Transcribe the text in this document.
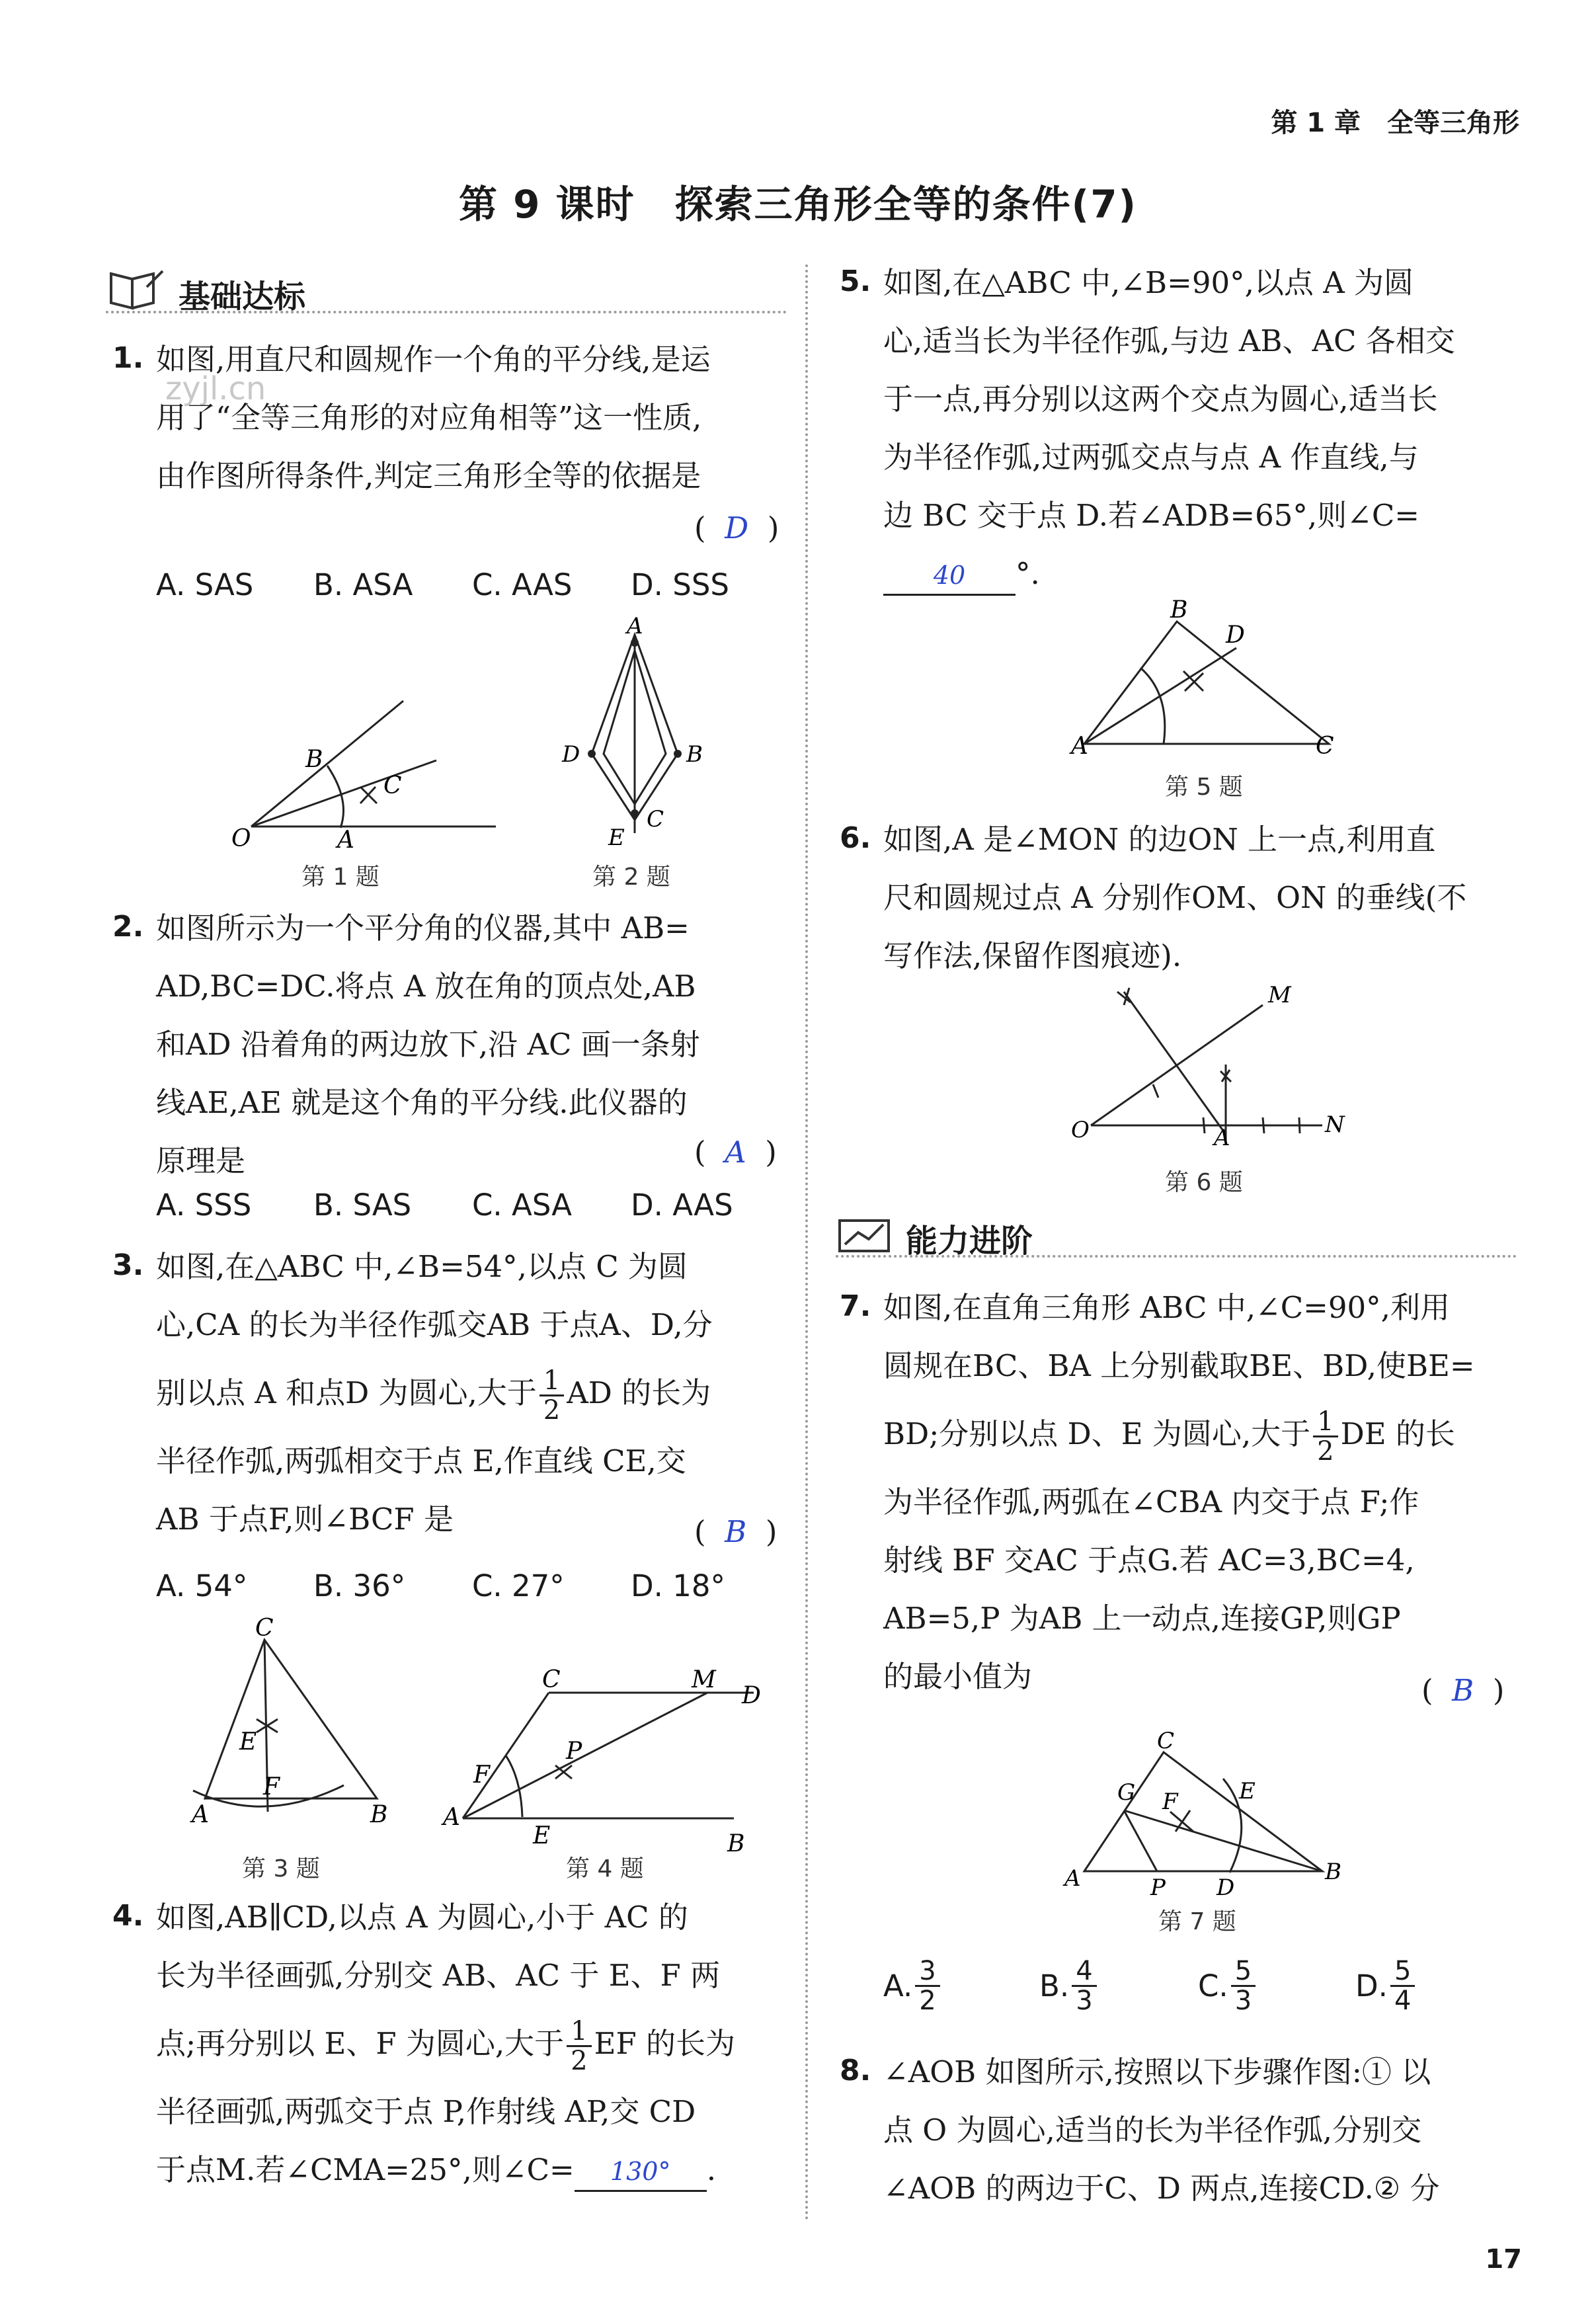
第 1 章　全等三角形
第 9 课时　探索三角形全等的条件(7)
zyjl.cn
基础达标
1. 如图,用直尺和圆规作一个角的平分线,是运
用了“全等三角形的对应角相等”这一性质,
由作图所得条件,判定三角形全等的依据是
(  D  )
A. SAS B. ASA C. AAS D. SSS
O	A
B
C
第 1 题
A
D	B
E
C
第 2 题
2. 如图所示为一个平分角的仪器,其中 AB=
AD,BC=DC.将点 A 放在角的顶点处,AB
和AD 沿着角的两边放下,沿 AC 画一条射
线AE,AE 就是这个角的平分线.此仪器的
原理是	(  A  )
A. SSS B. SAS C. ASA D. AAS
3. 如图,在△ABC 中,∠B=54°,以点 C 为圆
心,CA 的长为半径作弧交AB 于点A、D,分
别以点 A 和点D 为圆心,大于 $\frac{1}{2}$ AD 的长为
半径作弧,两弧相交于点 E,作直线 CE,交
AB 于点F,则∠BCF 是	(  B  )
A. 54° B. 36° C. 27° D. 18°
C
E
F
A	B
第 3 题
C	M
D
P
F
A
E	B
第 4 题
4. 如图,AB∥CD,以点 A 为圆心,小于 AC 的
长为半径画弧,分别交 AB、AC 于 E、F 两
点;再分别以 E、F 为圆心,大于 $\frac{1}{2}$ EF 的长为
半径画弧,两弧交于点 P,作射线 AP,交 CD
于点M.若∠CMA=25°,则∠C= 130° .
5. 如图,在△ABC 中,∠B=90°,以点 A 为圆
心,适当长为半径作弧,与边 AB、AC 各相交
于一点,再分别以这两个交点为圆心,适当长
为半径作弧,过两弧交点与点 A 作直线,与
边 BC 交于点 D.若∠ADB=65°,则∠C=
40 °.
B
D
A	C
第 5 题
6. 如图,A 是∠MON 的边ON 上一点,利用直
尺和圆规过点 A 分别作OM、ON 的垂线(不
写作法,保留作图痕迹).
M
O	A	N
第 6 题
能力进阶
7. 如图,在直角三角形 ABC 中,∠C=90°,利用
圆规在BC、BA 上分别截取BE、BD,使BE=
BD;分别以点 D、E 为圆心,大于 $\frac{1}{2}$ DE 的长
为半径作弧,两弧在∠CBA 内交于点 F;作
射线 BF 交AC 于点G.若 AC=3,BC=4,
AB=5,P 为AB 上一动点,连接GP,则GP
的最小值为	(  B  )
C
G F	E
A	P D
B
第 7 题
A. $\frac{3}{2}$	B. $\frac{4}{3}$	C. $\frac{5}{3}$	D. $\frac{5}{4}$
8. ∠AOB 如图所示,按照以下步骤作图:① 以
点 O 为圆心,适当的长为半径作弧,分别交
∠AOB 的两边于C、D 两点,连接CD.② 分
17
